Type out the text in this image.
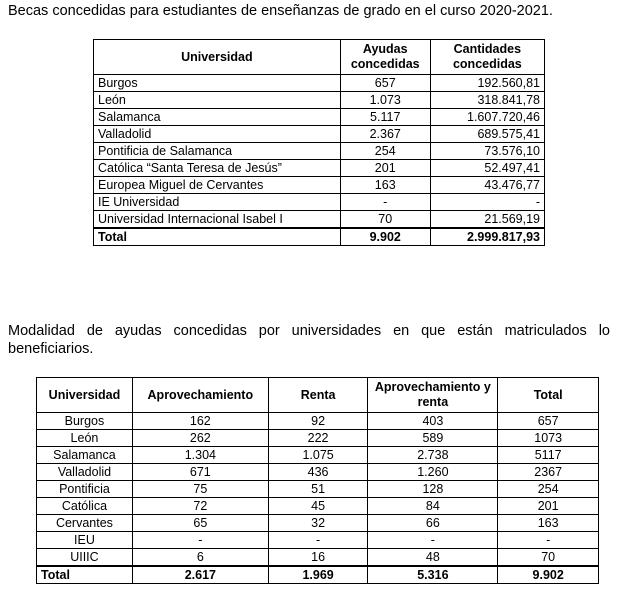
Becas concedidas para estudiantes de enseñanzas de grado en el curso 2020-2021.
Universidad	Ayudas concedidas	Cantidades concedidas
Burgos	657	192.560,81
León	1.073	318.841,78
Salamanca	5.117	1.607.720,46
Valladolid	2.367	689.575,41
Pontificia de Salamanca	254	73.576,10
Católica “Santa Teresa de Jesús”	201	52.497,41
Europea Miguel de Cervantes	163	43.476,77
IE Universidad	-	-
Universidad Internacional Isabel I	70	21.569,19
Total	9.902	2.999.817,93
Modalidad de ayudas concedidas por universidades en que están matriculados lo beneficiarios.
Universidad	Aprovechamiento	Renta	Aprovechamiento y renta	Total
Burgos	162	92	403	657
León	262	222	589	1073
Salamanca	1.304	1.075	2.738	5117
Valladolid	671	436	1.260	2367
Pontificia	75	51	128	254
Católica	72	45	84	201
Cervantes	65	32	66	163
IEU	-	-	-	-
UIIIC	6	16	48	70
Total	2.617	1.969	5.316	9.902
